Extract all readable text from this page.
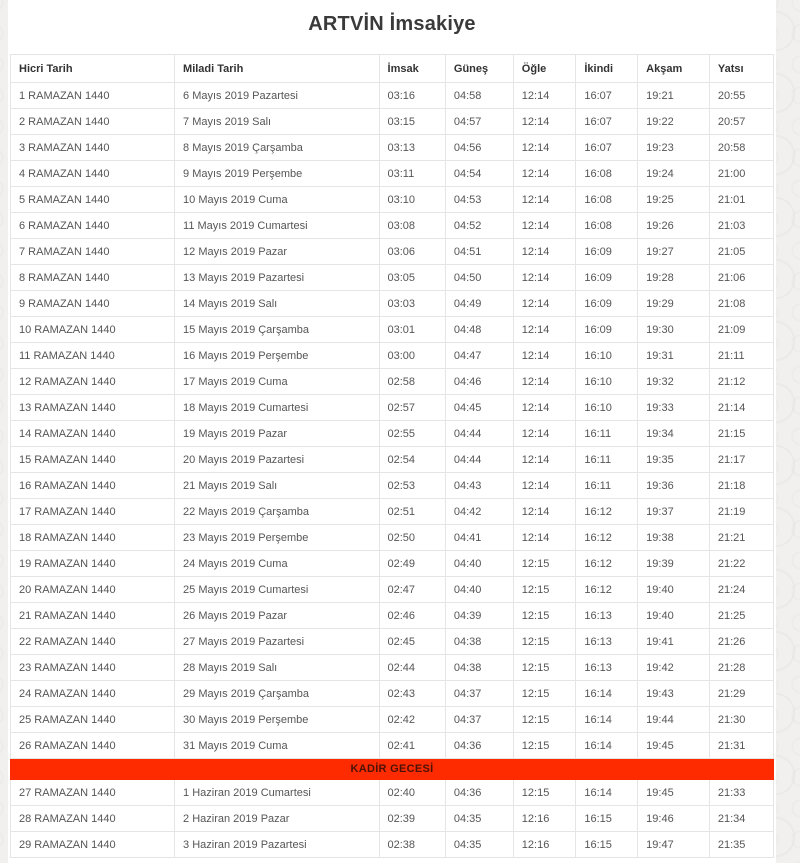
ARTVİN İmsakiye
Hicri Tarih	Miladi Tarih	İmsak	Güneş	Öğle	İkindi	Akşam	Yatsı
1 RAMAZAN 1440	6 Mayıs 2019 Pazartesi	03:16	04:58	12:14	16:07	19:21	20:55
2 RAMAZAN 1440	7 Mayıs 2019 Salı	03:15	04:57	12:14	16:07	19:22	20:57
3 RAMAZAN 1440	8 Mayıs 2019 Çarşamba	03:13	04:56	12:14	16:07	19:23	20:58
4 RAMAZAN 1440	9 Mayıs 2019 Perşembe	03:11	04:54	12:14	16:08	19:24	21:00
5 RAMAZAN 1440	10 Mayıs 2019 Cuma	03:10	04:53	12:14	16:08	19:25	21:01
6 RAMAZAN 1440	11 Mayıs 2019 Cumartesi	03:08	04:52	12:14	16:08	19:26	21:03
7 RAMAZAN 1440	12 Mayıs 2019 Pazar	03:06	04:51	12:14	16:09	19:27	21:05
8 RAMAZAN 1440	13 Mayıs 2019 Pazartesi	03:05	04:50	12:14	16:09	19:28	21:06
9 RAMAZAN 1440	14 Mayıs 2019 Salı	03:03	04:49	12:14	16:09	19:29	21:08
10 RAMAZAN 1440	15 Mayıs 2019 Çarşamba	03:01	04:48	12:14	16:09	19:30	21:09
11 RAMAZAN 1440	16 Mayıs 2019 Perşembe	03:00	04:47	12:14	16:10	19:31	21:11
12 RAMAZAN 1440	17 Mayıs 2019 Cuma	02:58	04:46	12:14	16:10	19:32	21:12
13 RAMAZAN 1440	18 Mayıs 2019 Cumartesi	02:57	04:45	12:14	16:10	19:33	21:14
14 RAMAZAN 1440	19 Mayıs 2019 Pazar	02:55	04:44	12:14	16:11	19:34	21:15
15 RAMAZAN 1440	20 Mayıs 2019 Pazartesi	02:54	04:44	12:14	16:11	19:35	21:17
16 RAMAZAN 1440	21 Mayıs 2019 Salı	02:53	04:43	12:14	16:11	19:36	21:18
17 RAMAZAN 1440	22 Mayıs 2019 Çarşamba	02:51	04:42	12:14	16:12	19:37	21:19
18 RAMAZAN 1440	23 Mayıs 2019 Perşembe	02:50	04:41	12:14	16:12	19:38	21:21
19 RAMAZAN 1440	24 Mayıs 2019 Cuma	02:49	04:40	12:15	16:12	19:39	21:22
20 RAMAZAN 1440	25 Mayıs 2019 Cumartesi	02:47	04:40	12:15	16:12	19:40	21:24
21 RAMAZAN 1440	26 Mayıs 2019 Pazar	02:46	04:39	12:15	16:13	19:40	21:25
22 RAMAZAN 1440	27 Mayıs 2019 Pazartesi	02:45	04:38	12:15	16:13	19:41	21:26
23 RAMAZAN 1440	28 Mayıs 2019 Salı	02:44	04:38	12:15	16:13	19:42	21:28
24 RAMAZAN 1440	29 Mayıs 2019 Çarşamba	02:43	04:37	12:15	16:14	19:43	21:29
25 RAMAZAN 1440	30 Mayıs 2019 Perşembe	02:42	04:37	12:15	16:14	19:44	21:30
26 RAMAZAN 1440	31 Mayıs 2019 Cuma	02:41	04:36	12:15	16:14	19:45	21:31
KADİR GECESİ							
27 RAMAZAN 1440	1 Haziran 2019 Cumartesi	02:40	04:36	12:15	16:14	19:45	21:33
28 RAMAZAN 1440	2 Haziran 2019 Pazar	02:39	04:35	12:16	16:15	19:46	21:34
29 RAMAZAN 1440	3 Haziran 2019 Pazartesi	02:38	04:35	12:16	16:15	19:47	21:35
